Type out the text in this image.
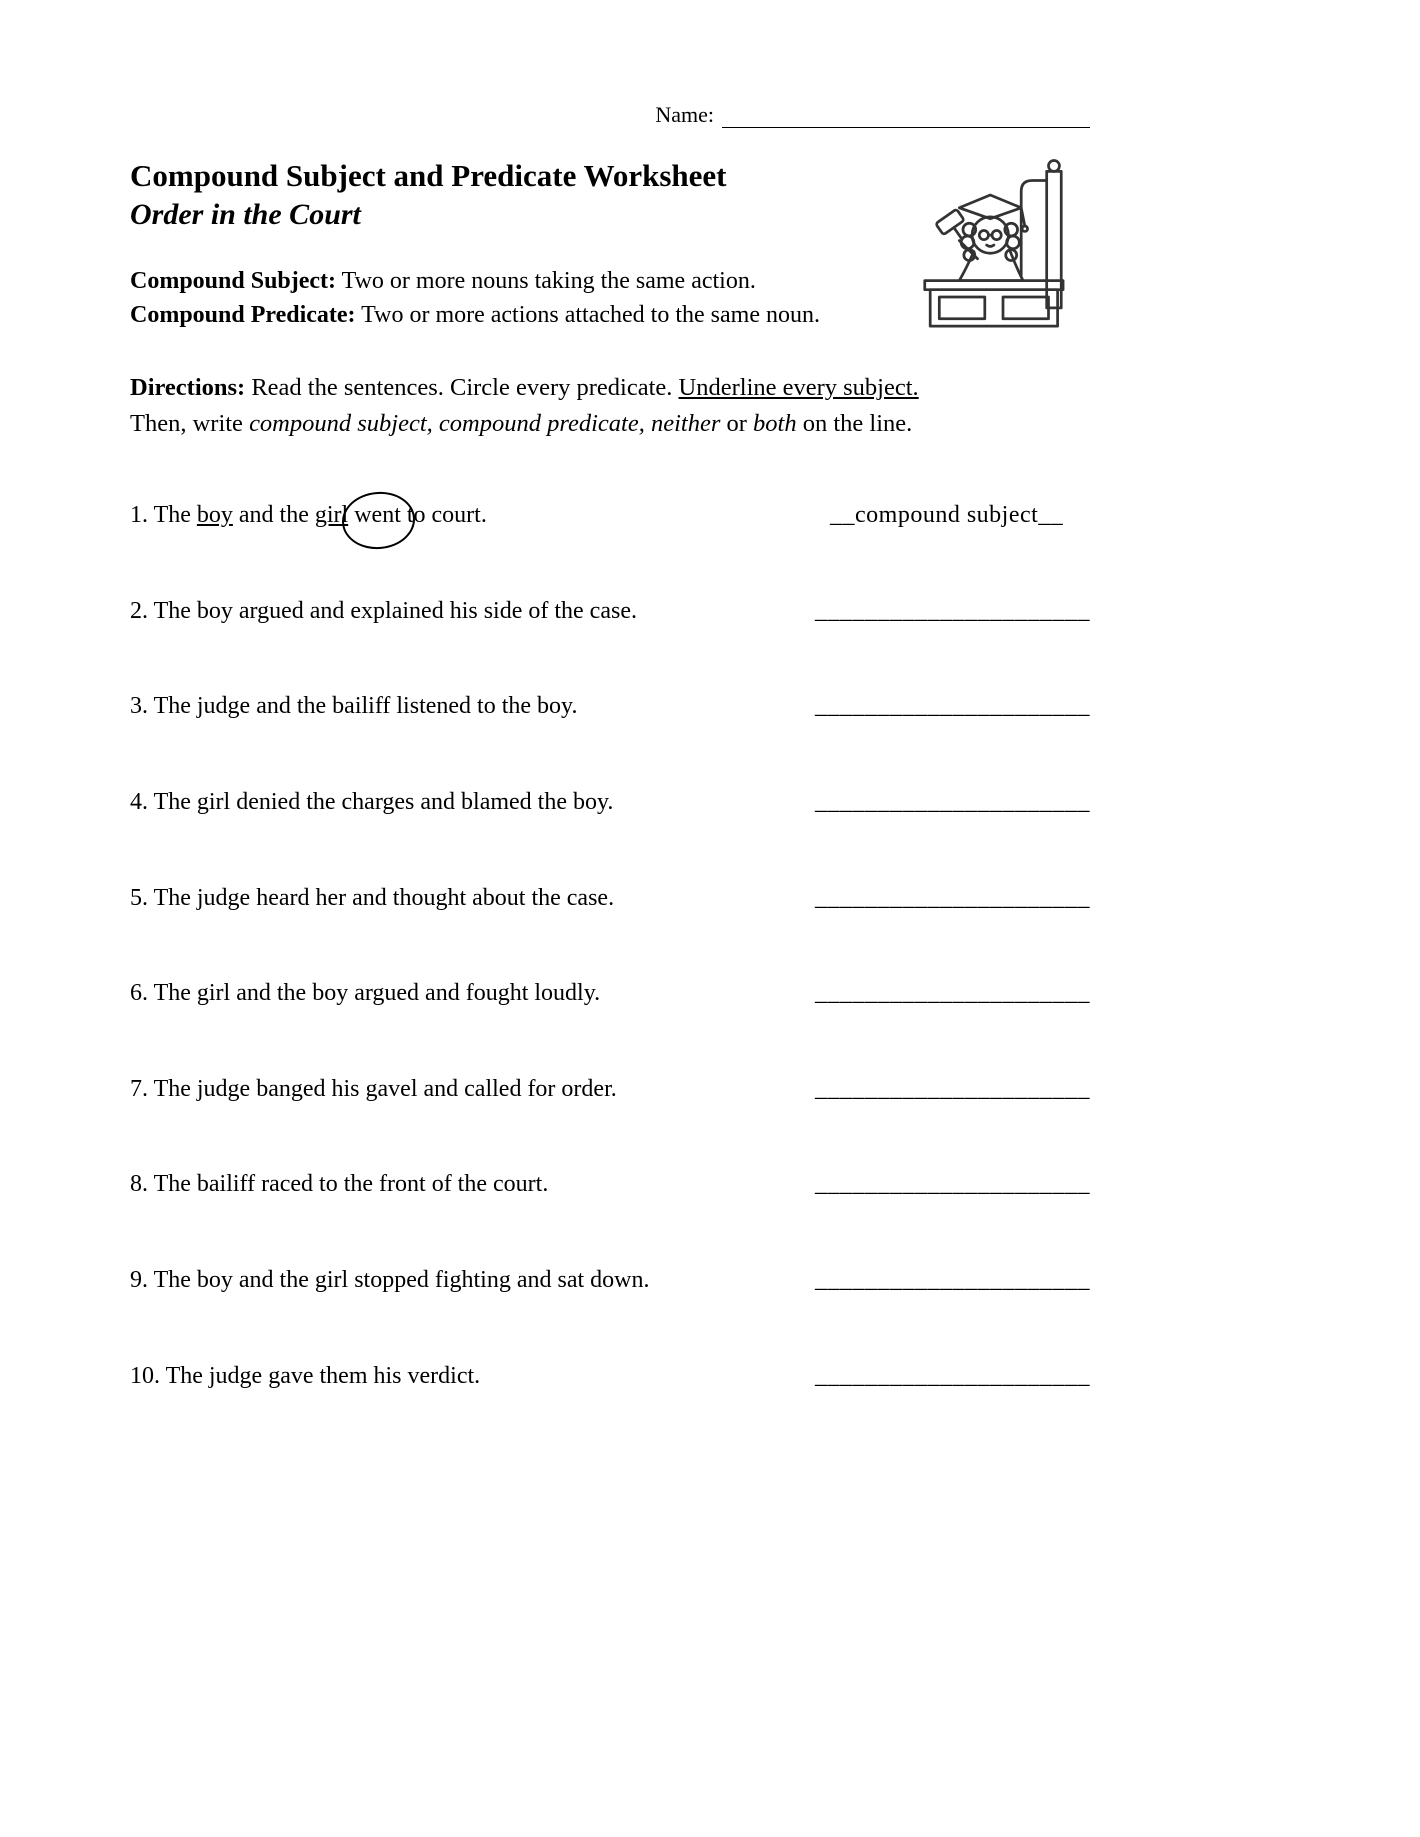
Name:
Compound Subject and Predicate Worksheet
Order in the Court
Compound Subject: Two or more nouns taking the same action.
Compound Predicate: Two or more actions attached to the same noun.

Directions: Read the sentences. Circle every predicate. Underline every subject.
Then, write compound subject, compound predicate, neither or both on the line.

1. The boy and the girl went to court.	__compound subject__
2. The boy argued and explained his side of the case.	______________________
3. The judge and the bailiff listened to the boy.	______________________
4. The girl denied the charges and blamed the boy.	______________________
5. The judge heard her and thought about the case.	______________________
6. The girl and the boy argued and fought loudly.	______________________
7. The judge banged his gavel and called for order.	______________________
8. The bailiff raced to the front of the court.	______________________
9. The boy and the girl stopped fighting and sat down.	______________________
10. The judge gave them his verdict.	______________________
